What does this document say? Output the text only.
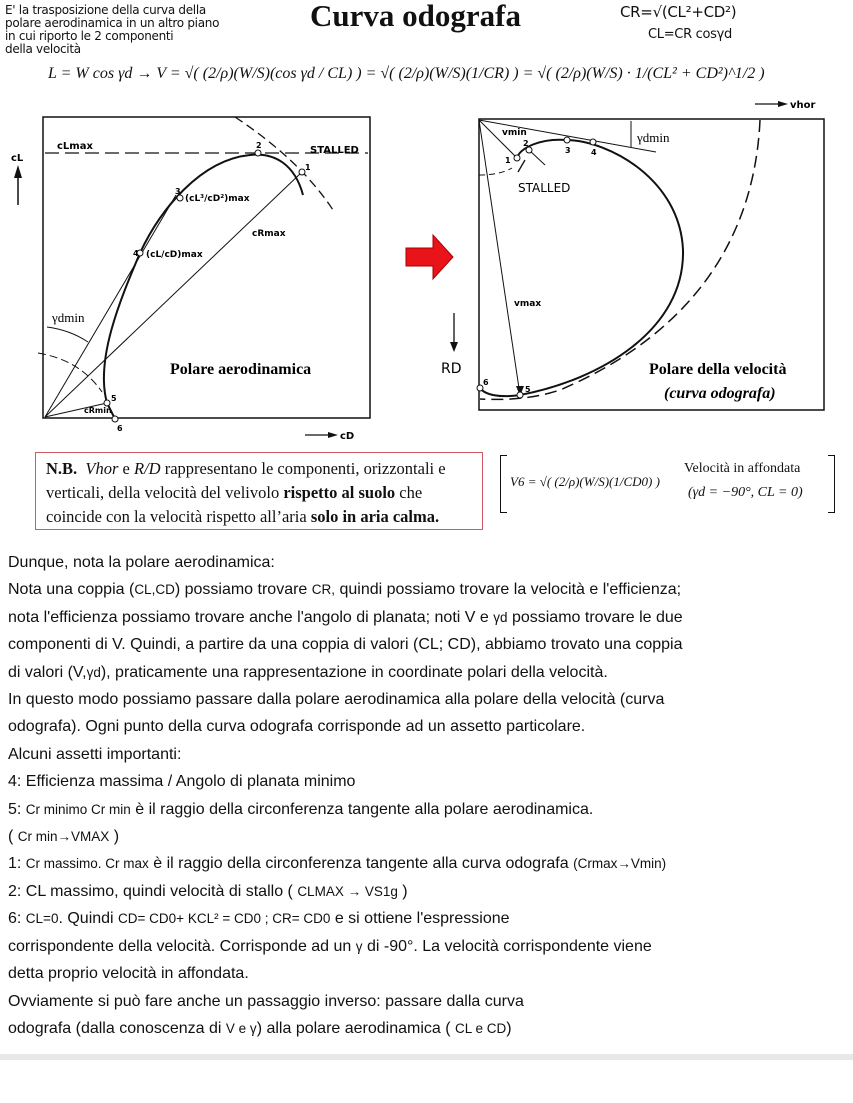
E' la trasposizione della curva della
polare aerodinamica in un altro piano
in cui riporto le 2 componenti
della velocità
Curva odografa	CR=√(CL²+CD²)
CL=CR cosγd
L = W cos γd → V = √( (2/ρ)(W/S)(cos γd / CL) ) = √( (2/ρ)(W/S)(1/CR) ) = √( (2/ρ)(W/S) · 1/(CL² + CD²)^1/2 )
cL
cD
cLmax
1
2
3
4
5
6
STALLED
(cL³/cD²)max
(cL/cD)max
cRmax
cRmin
γdmin
Polare aerodinamica
vhor
RD
1
2
3	4
5
6
vmin
vmax
STALLED
γdmin
Polare della velocità
(curva odografa)
N.B. Vhor e R/D rappresentano le componenti, orizzontali e verticali, della velocità del velivolo rispetto al suolo che coincide con la velocità rispetto all’aria solo in aria calma.
V6 = √( (2/ρ)(W/S)(1/CD0) )
Velocità in affondata
(γd = −90°, CL = 0)
Dunque, nota la polare aerodinamica:
Nota una coppia (CL,CD) possiamo trovare CR, quindi possiamo trovare la velocità e l'efficienza;
nota l'efficienza possiamo trovare anche l'angolo di planata; noti V e γd possiamo trovare le due
componenti di V. Quindi, a partire da una coppia di valori (CL; CD), abbiamo trovato una coppia
di valori (V,γd), praticamente una rappresentazione in coordinate polari della velocità.
In questo modo possiamo passare dalla polare aerodinamica alla polare della velocità (curva
odografa). Ogni punto della curva odografa corrisponde ad un assetto particolare.
Alcuni assetti importanti:
4: Efficienza massima / Angolo di planata minimo
5: Cr minimo Cr min è il raggio della circonferenza tangente alla polare aerodinamica.
( Cr min→VMAX )
1: Cr massimo. Cr max è il raggio della circonferenza tangente alla curva odografa (Crmax→Vmin)
2: CL massimo, quindi velocità di stallo ( CLMAX → VS1g )
6: CL=0. Quindi CD= CD0+ KCL² = CD0 ; CR= CD0 e si ottiene l'espressione
corrispondente della velocità. Corrisponde ad un γ di -90°. La velocità corrispondente viene
detta proprio velocità in affondata.
Ovviamente si può fare anche un passaggio inverso: passare dalla curva
odografa (dalla conoscenza di V e γ) alla polare aerodinamica ( CL e CD)
